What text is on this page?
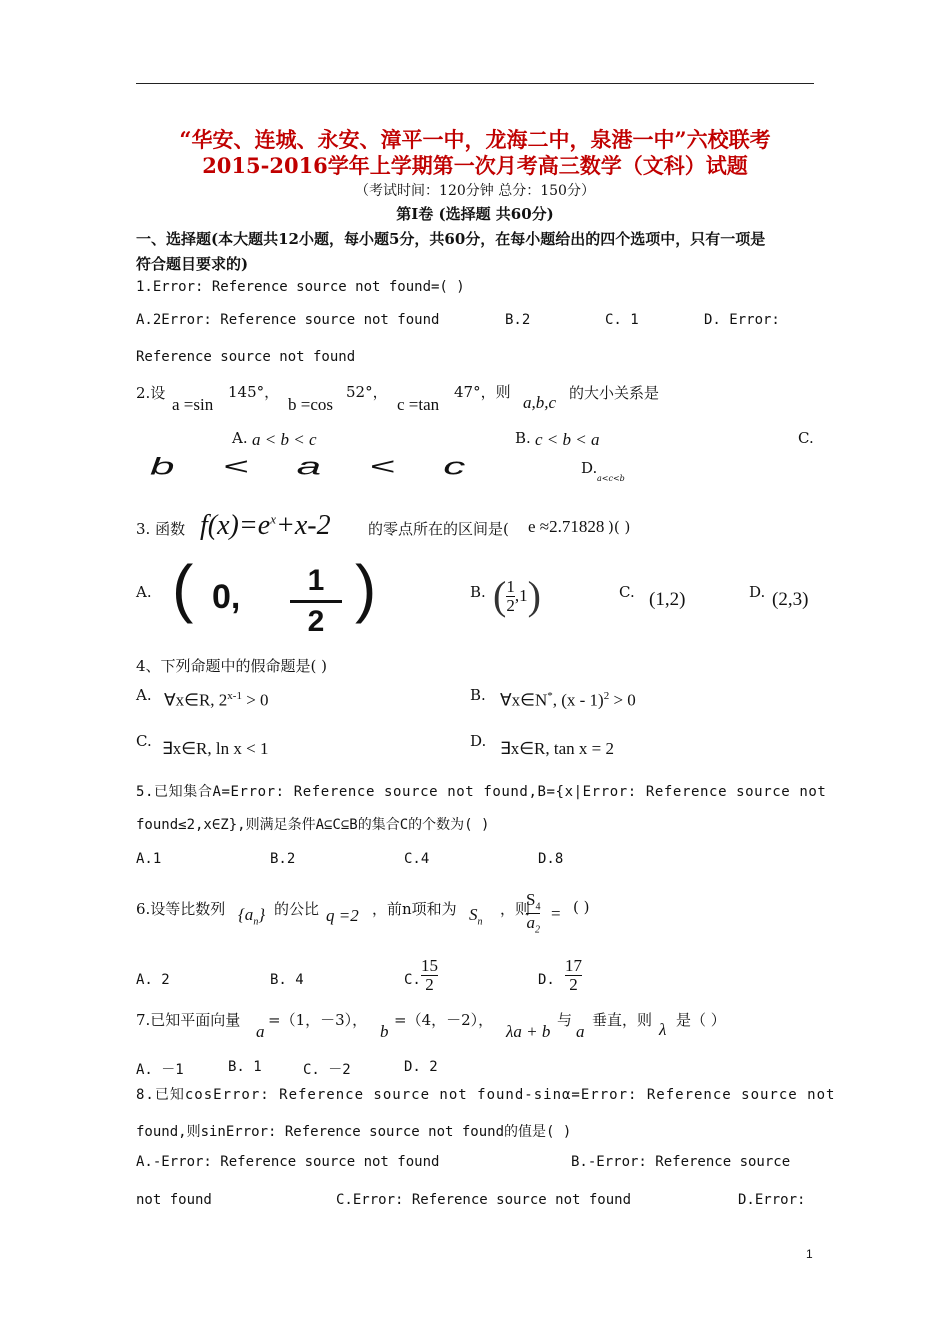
“华安、连城、永安、漳平一中，龙海二中，泉港一中”六校联考
2015-2016学年上学期第一次月考高三数学（文科）试题
（考试时间：120分钟 总分：150分）
第Ⅰ卷 (选择题 共60分)
一、选择题(本大题共12小题，每小题5分，共60分，在每小题给出的四个选项中，只有一项是
符合题目要求的)
1.Error: Reference source not found=( )
A.2Error: Reference source not found	B.2	C. 1	D. Error:
Reference source not found
2.设
a =sin
145°，
b =cos
52°，
c =tan
47°，则
a,b,c 的大小关系是
A. a < b < c	B. c < b < a	C.
b < a < c	D.
a<c<b
3. 函数 $f(x)=e^x+x-2$ 的零点所在的区间是( e ≈2.71828 )( )
A. ( 0, 1
2 )	B. ( $\frac{1}{2} ,1$ )	C. (1,2)	D. (2,3)
4、下列命题中的假命题是( )
A. ∀x∈R, $2^{x-1} > 0$	B. ∀x∈N*, (x - 1)$^2$ > 0
C. ∃x∈R, ln x < 1	D. ∃x∈R, tan x = 2
5.已知集合A=Error: Reference source not found,B={x|Error: Reference source not
found≤2,x∈Z},则满足条件A⊆C⊆B的集合C的个数为( )
A.1	B.2	C.4	D.8
6.设等比数列 $\{a_n\}$ 的公比 q =2 ，前n项和为 $S_n$
，则
$\frac{S_4}{a_2}$ = ( )
A. 2	B. 4	C. $\frac{15}{2}$	D. $\frac{17}{2}$
7.已知平面向量
a
=（1，－3），
b
=（4，－2），
λa + b
与
a
垂直，则 λ 是（ ）
A. －1	B. 1	C. －2	D. 2
8.已知cosError: Reference source not found-sinα=Error: Reference source not
found,则sinError: Reference source not found的值是( )
A.-Error: Reference source not found	B.-Error: Reference source
not found	C.Error: Reference source not found	D.Error:
1
